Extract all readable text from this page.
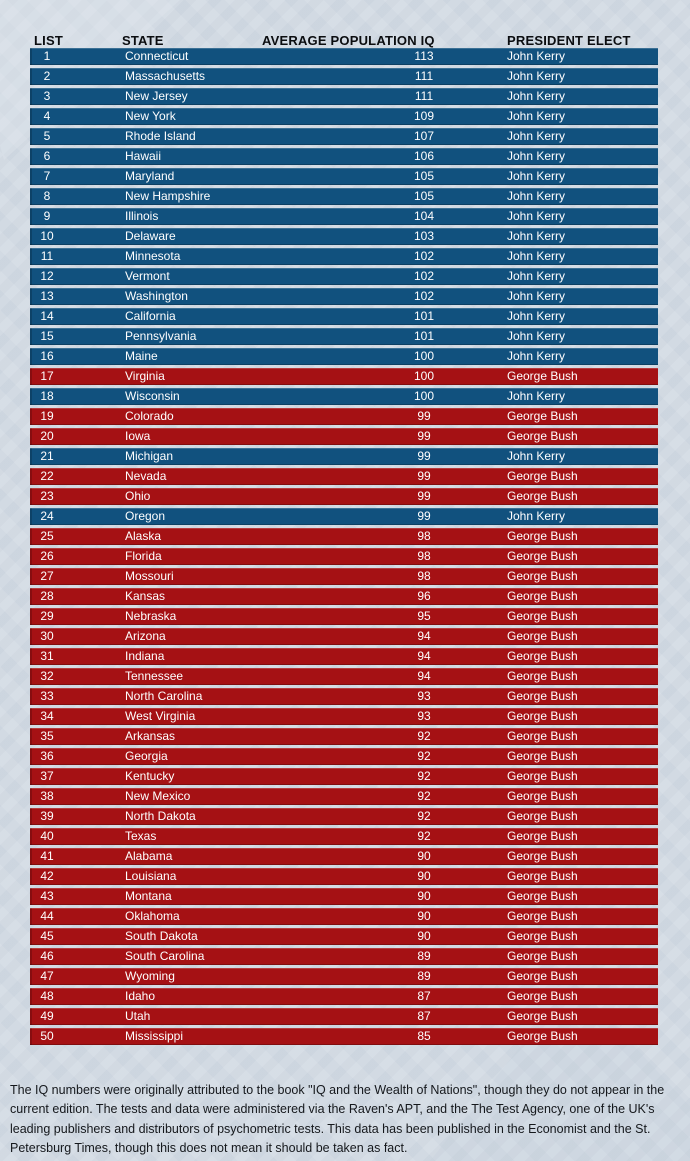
LIST	STATE	AVERAGE POPULATION IQ	PRESIDENT ELECT
1	Connecticut	113	John Kerry
2	Massachusetts	111	John Kerry
3	New Jersey	111	John Kerry
4	New York	109	John Kerry
5	Rhode Island	107	John Kerry
6	Hawaii	106	John Kerry
7	Maryland	105	John Kerry
8	New Hampshire	105	John Kerry
9	Illinois	104	John Kerry
10	Delaware	103	John Kerry
11	Minnesota	102	John Kerry
12	Vermont	102	John Kerry
13	Washington	102	John Kerry
14	California	101	John Kerry
15	Pennsylvania	101	John Kerry
16	Maine	100	John Kerry
17	Virginia	100	George Bush
18	Wisconsin	100	John Kerry
19	Colorado	99	George Bush
20	Iowa	99	George Bush
21	Michigan	99	John Kerry
22	Nevada	99	George Bush
23	Ohio	99	George Bush
24	Oregon	99	John Kerry
25	Alaska	98	George Bush
26	Florida	98	George Bush
27	Mossouri	98	George Bush
28	Kansas	96	George Bush
29	Nebraska	95	George Bush
30	Arizona	94	George Bush
31	Indiana	94	George Bush
32	Tennessee	94	George Bush
33	North Carolina	93	George Bush
34	West Virginia	93	George Bush
35	Arkansas	92	George Bush
36	Georgia	92	George Bush
37	Kentucky	92	George Bush
38	New Mexico	92	George Bush
39	North Dakota	92	George Bush
40	Texas	92	George Bush
41	Alabama	90	George Bush
42	Louisiana	90	George Bush
43	Montana	90	George Bush
44	Oklahoma	90	George Bush
45	South Dakota	90	George Bush
46	South Carolina	89	George Bush
47	Wyoming	89	George Bush
48	Idaho	87	George Bush
49	Utah	87	George Bush
50	Mississippi	85	George Bush

The IQ numbers were originally attributed to the book "IQ and the Wealth of Nations", though they do not appear in the current edition. The tests and data were administered via the Raven's APT, and the The Test Agency, one of the UK's leading publishers and distributors of psychometric tests. This data has been published in the Economist and the St. Petersburg Times, though this does not mean it should be taken as fact.
